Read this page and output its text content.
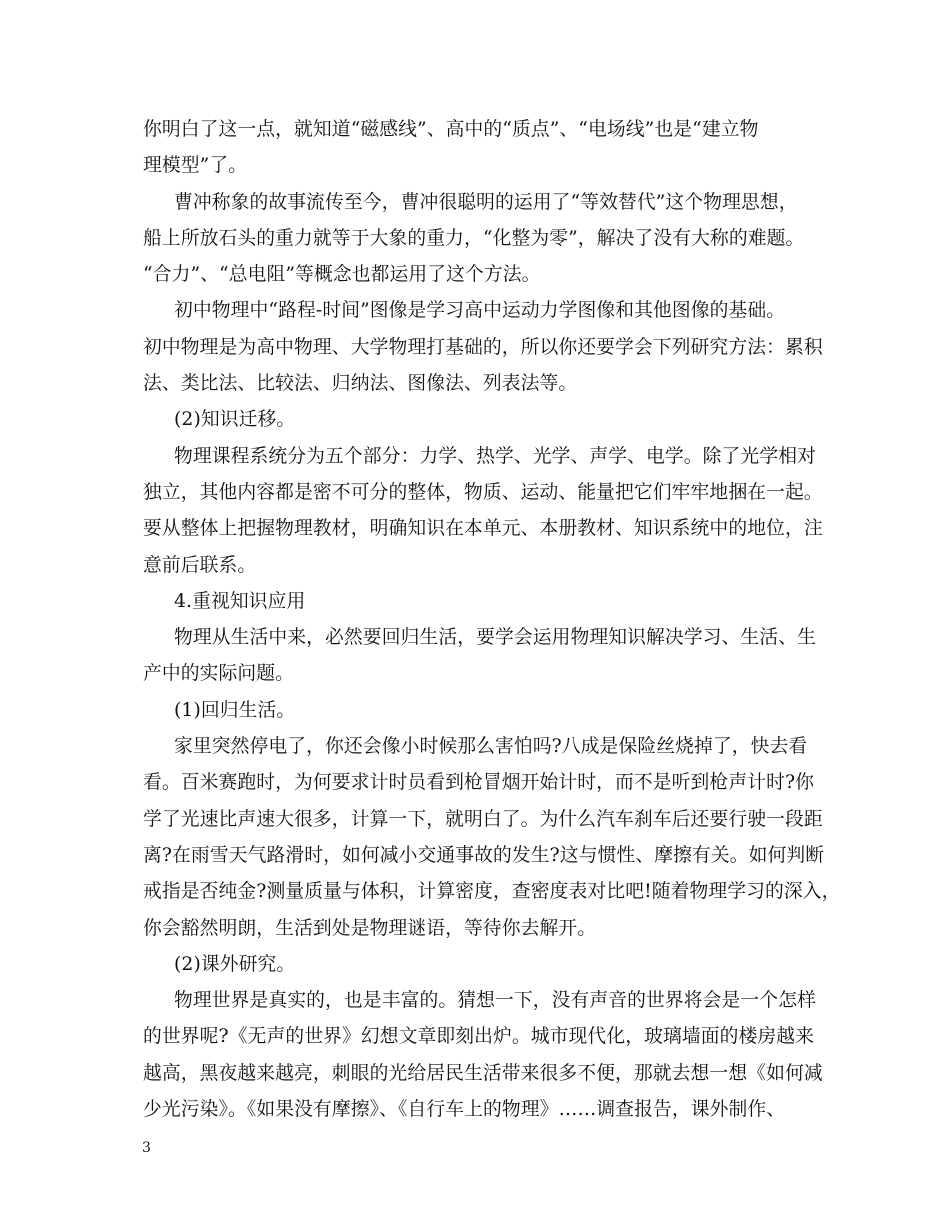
你明白了这一点，就知道“磁感线”、高中的“质点”、“电场线”也是“建立物
理模型”了。
曹冲称象的故事流传至今，曹冲很聪明的运用了“等效替代”这个物理思想，
船上所放石头的重力就等于大象的重力，“化整为零”，解决了没有大称的难题。
“合力”、“总电阻”等概念也都运用了这个方法。
初中物理中“路程-时间”图像是学习高中运动力学图像和其他图像的基础。
初中物理是为高中物理、大学物理打基础的，所以你还要学会下列研究方法：累积
法、类比法、比较法、归纳法、图像法、列表法等。
(2)知识迁移。
物理课程系统分为五个部分：力学、热学、光学、声学、电学。除了光学相对
独立，其他内容都是密不可分的整体，物质、运动、能量把它们牢牢地捆在一起。
要从整体上把握物理教材，明确知识在本单元、本册教材、知识系统中的地位，注
意前后联系。
4.重视知识应用
物理从生活中来，必然要回归生活，要学会运用物理知识解决学习、生活、生
产中的实际问题。
(1)回归生活。
家里突然停电了，你还会像小时候那么害怕吗?八成是保险丝烧掉了，快去看
看。百米赛跑时，为何要求计时员看到枪冒烟开始计时，而不是听到枪声计时?你
学了光速比声速大很多，计算一下，就明白了。为什么汽车刹车后还要行驶一段距
离?在雨雪天气路滑时，如何减小交通事故的发生?这与惯性、摩擦有关。如何判断
戒指是否纯金?测量质量与体积，计算密度，查密度表对比吧!随着物理学习的深入，
你会豁然明朗，生活到处是物理谜语，等待你去解开。
(2)课外研究。
物理世界是真实的，也是丰富的。猜想一下，没有声音的世界将会是一个怎样
的世界呢?《无声的世界》幻想文章即刻出炉。城市现代化，玻璃墙面的楼房越来
越高，黑夜越来越亮，刺眼的光给居民生活带来很多不便，那就去想一想《如何减
少光污染》。《如果没有摩擦》、《自行车上的物理》……调查报告，课外制作、
3
